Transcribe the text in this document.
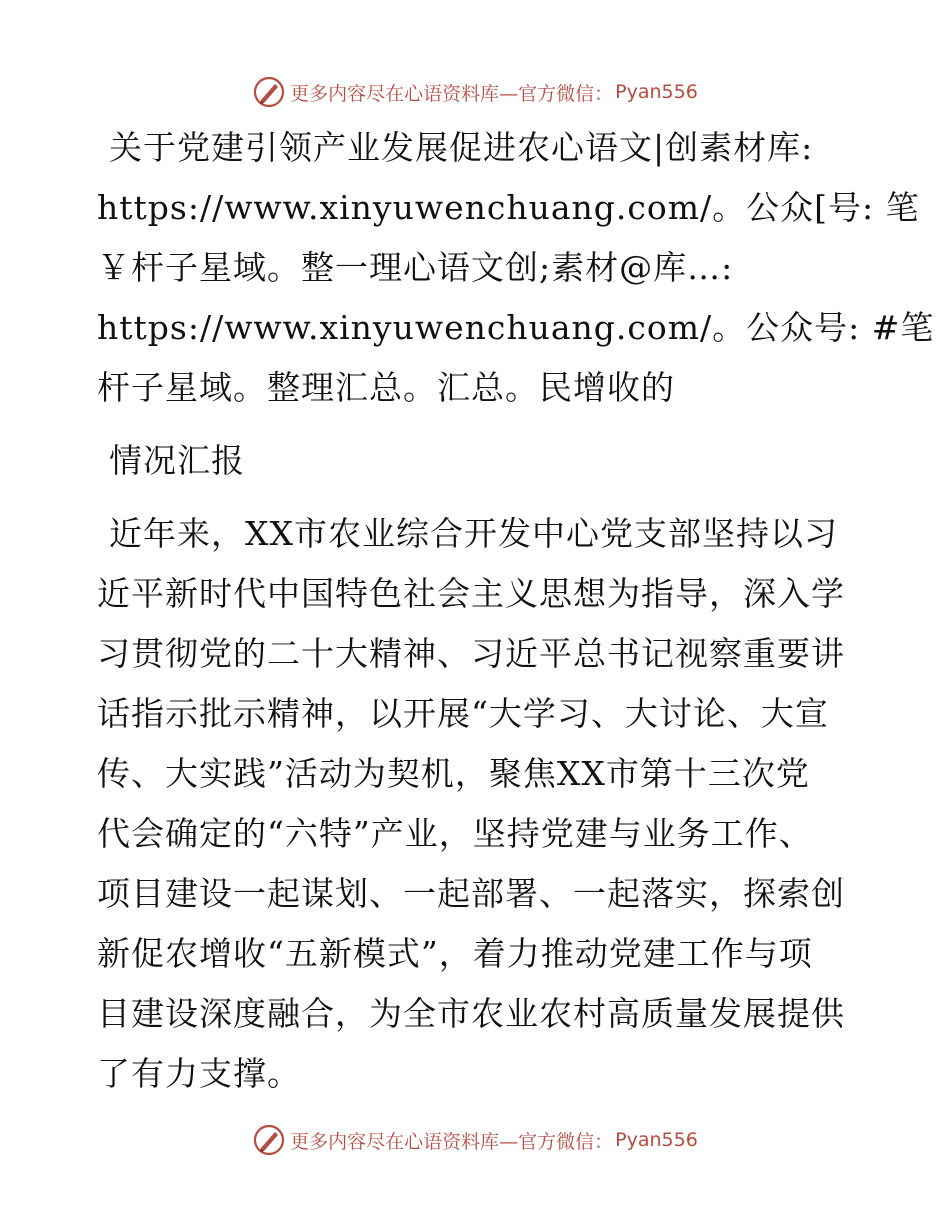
更多内容尽在心语资料库—官方微信： Pyan556
关于党建引领产业发展促进农心语文|创素材库:
https://www.xinyuwenchuang.com/。公众[号: 笔
￥杆子星域。整一理心语文创;素材@库…:
https://www.xinyuwenchuang.com/。公众号: #笔
杆子星域。整理汇总。汇总。民增收的
情况汇报
近年来，XX市农业综合开发中心党支部坚持以习
近平新时代中国特色社会主义思想为指导，深入学
习贯彻党的二十大精神、习近平总书记视察重要讲
话指示批示精神，以开展“大学习、大讨论、大宣
传、大实践”活动为契机，聚焦XX市第十三次党
代会确定的“六特”产业，坚持党建与业务工作、
项目建设一起谋划、一起部署、一起落实，探索创
新促农增收“五新模式”，着力推动党建工作与项
目建设深度融合，为全市农业农村高质量发展提供
了有力支撑。
更多内容尽在心语资料库—官方微信： Pyan556
